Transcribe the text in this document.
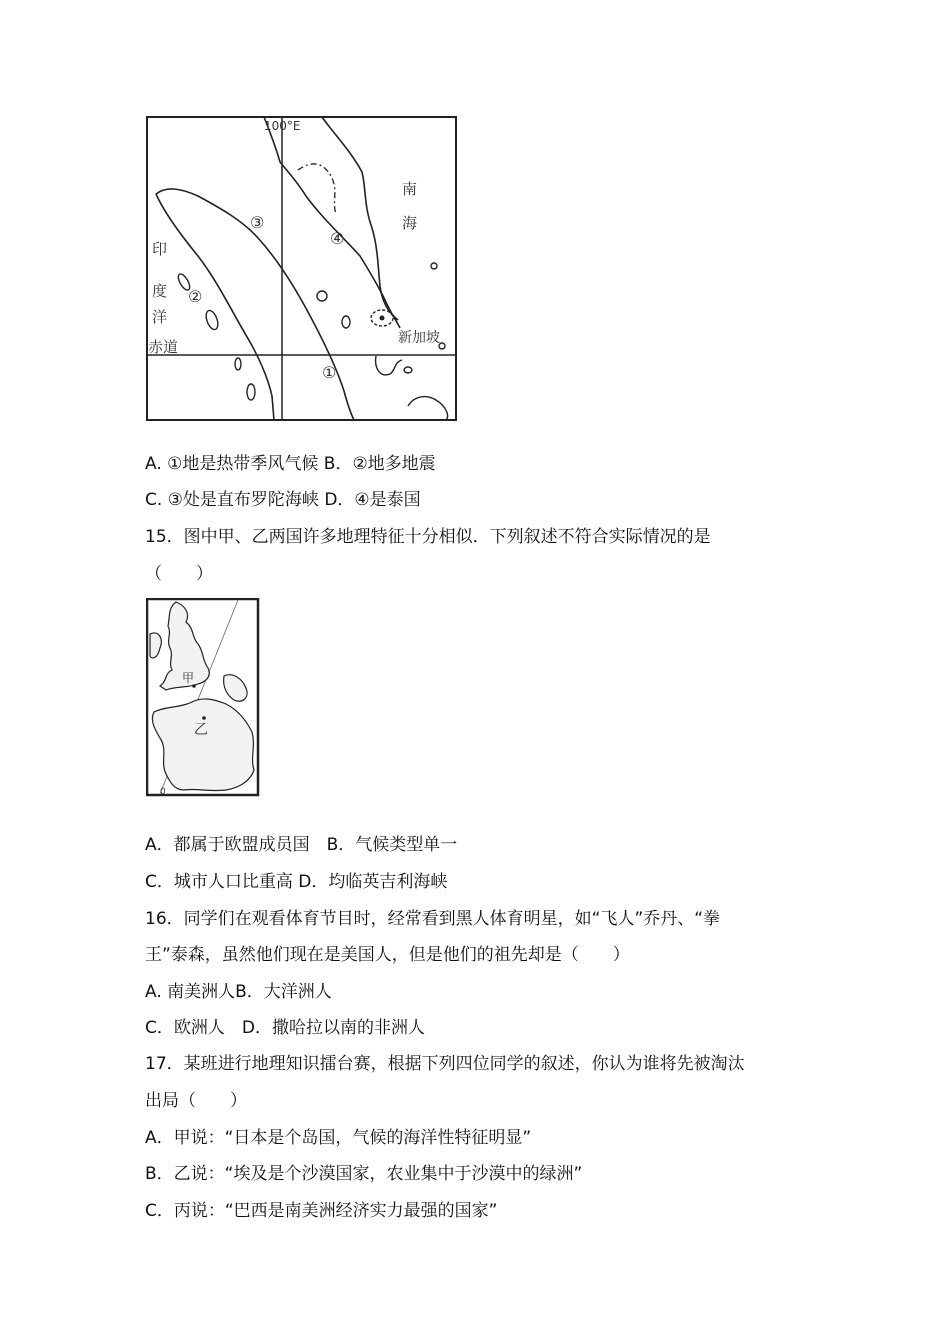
100°E
南
海
印
度
洋
赤道	新加坡
①
②
③
④

A. ①地是热带季风气候 B．②地多地震

C. ③处是直布罗陀海峡 D．④是泰国

15．图中甲、乙两国许多地理特征十分相似．下列叙述不符合实际情况的是

（　　）

甲
乙
0

A．都属于欧盟成员国　B．气候类型单一

C．城市人口比重高 D．均临英吉利海峡

16．同学们在观看体育节目时，经常看到黑人体育明星，如“飞人”乔丹、“拳

王”泰森，虽然他们现在是美国人，但是他们的祖先却是（　　）

A. 南美洲人B．大洋洲人

C．欧洲人　D．撒哈拉以南的非洲人

17．某班进行地理知识擂台赛，根据下列四位同学的叙述，你认为谁将先被淘汰

出局（　　）

A．甲说：“日本是个岛国，气候的海洋性特征明显”

B．乙说：“埃及是个沙漠国家，农业集中于沙漠中的绿洲”

C．丙说：“巴西是南美洲经济实力最强的国家”
